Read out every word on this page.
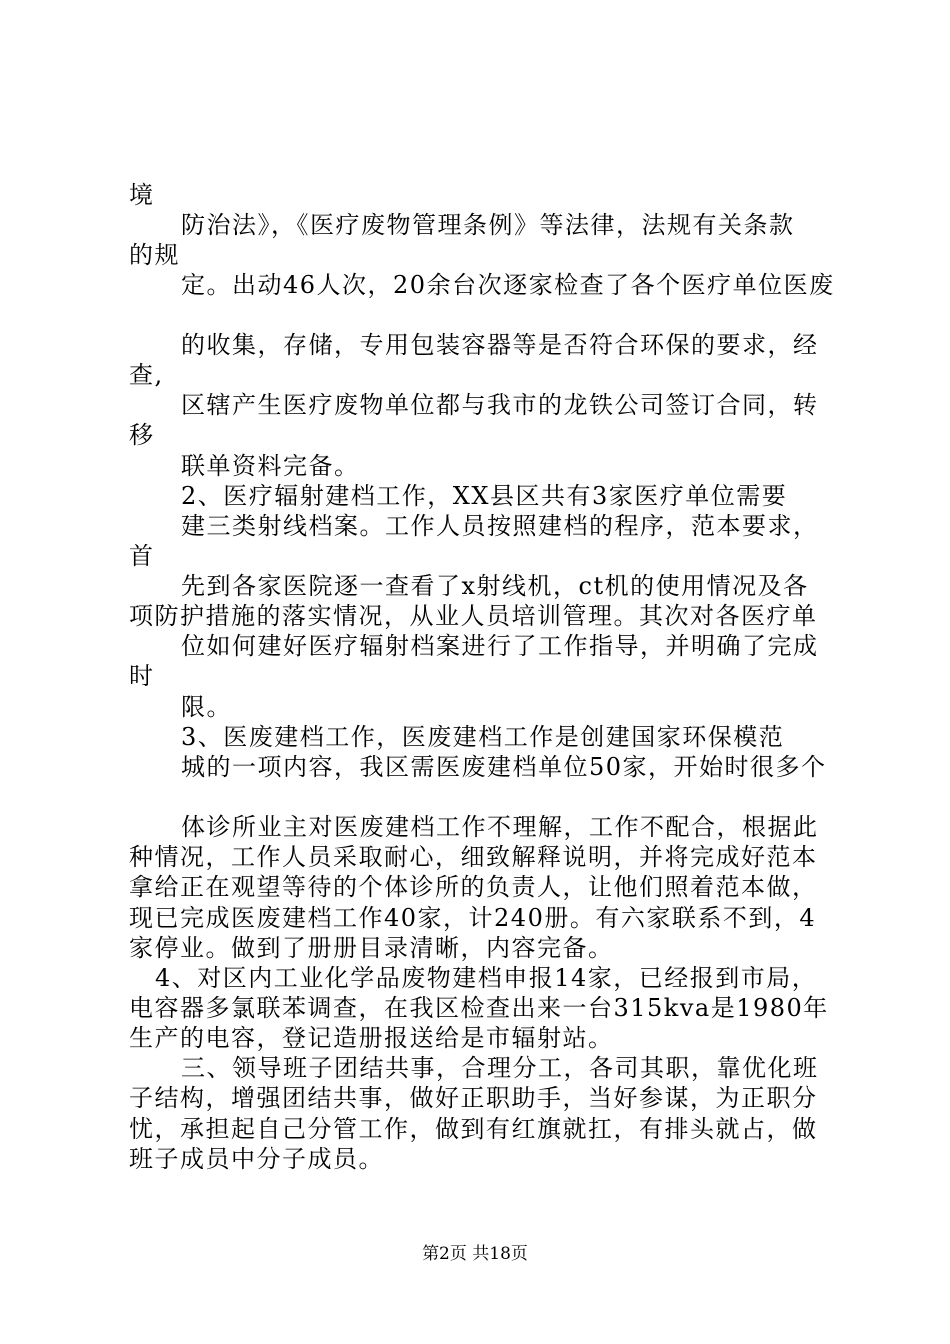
境
防治法》，《医疗废物管理条例》等法律，法规有关条款
的规
定。出动46人次，20余台次逐家检查了各个医疗单位医废
的收集，存储，专用包装容器等是否符合环保的要求，经
查,
区辖产生医疗废物单位都与我市的龙铁公司签订合同，转
移
联单资料完备。
2、医疗辐射建档工作，XX县区共有3家医疗单位需要
建三类射线档案。工作人员按照建档的程序，范本要求，
首
先到各家医院逐一查看了x射线机，ct机的使用情况及各
项防护措施的落实情况，从业人员培训管理。其次对各医疗单
位如何建好医疗辐射档案进行了工作指导，并明确了完成
时
限。
3、医废建档工作，医废建档工作是创建国家环保模范
城的一项内容，我区需医废建档单位50家，开始时很多个
体诊所业主对医废建档工作不理解，工作不配合，根据此
种情况，工作人员采取耐心，细致解释说明，并将完成好范本
拿给正在观望等待的个体诊所的负责人，让他们照着范本做，
现已完成医废建档工作40家，计240册。有六家联系不到，4
家停业。做到了册册目录清晰，内容完备。
4、对区内工业化学品废物建档申报14家，已经报到市局，
电容器多氯联苯调查，在我区检查出来一台315kva是1980年
生产的电容，登记造册报送给是市辐射站。
三、领导班子团结共事，合理分工，各司其职，靠优化班
子结构，增强团结共事，做好正职助手，当好参谋，为正职分
忧，承担起自己分管工作，做到有红旗就扛，有排头就占，做
班子成员中分子成员。
第2页 共18页
